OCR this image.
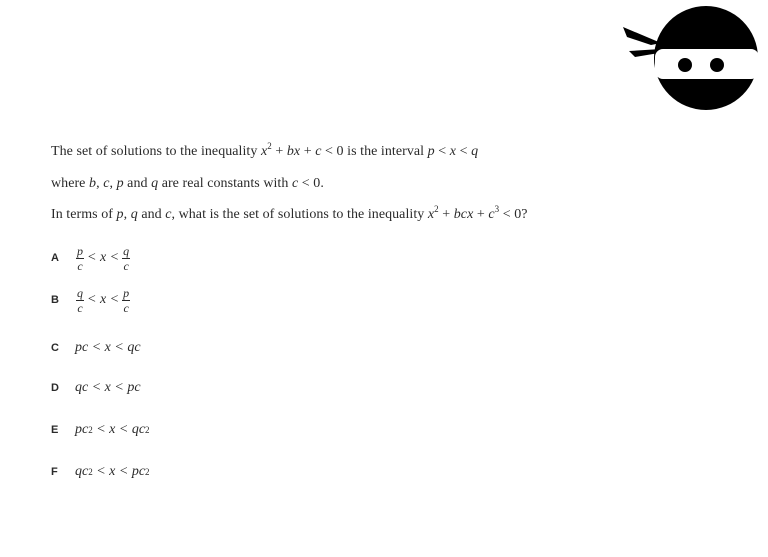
The set of solutions to the inequality $x^2$ + bx + c < 0 is the interval p < x < q
where b, c, p and q are real constants with c < 0.
In terms of p, q and c, what is the set of solutions to the inequality $x^2$ + bcx + $c^3 < 0$?
A	$\frac{p}{c} < x < \frac{q}{c}$
B	$\frac{q}{c} < x < \frac{p}{c}$
C	pc < x < qc
D	qc < x < pc
E	pc 2 < x < qc 2
F	qc 2 < x < pc 2
